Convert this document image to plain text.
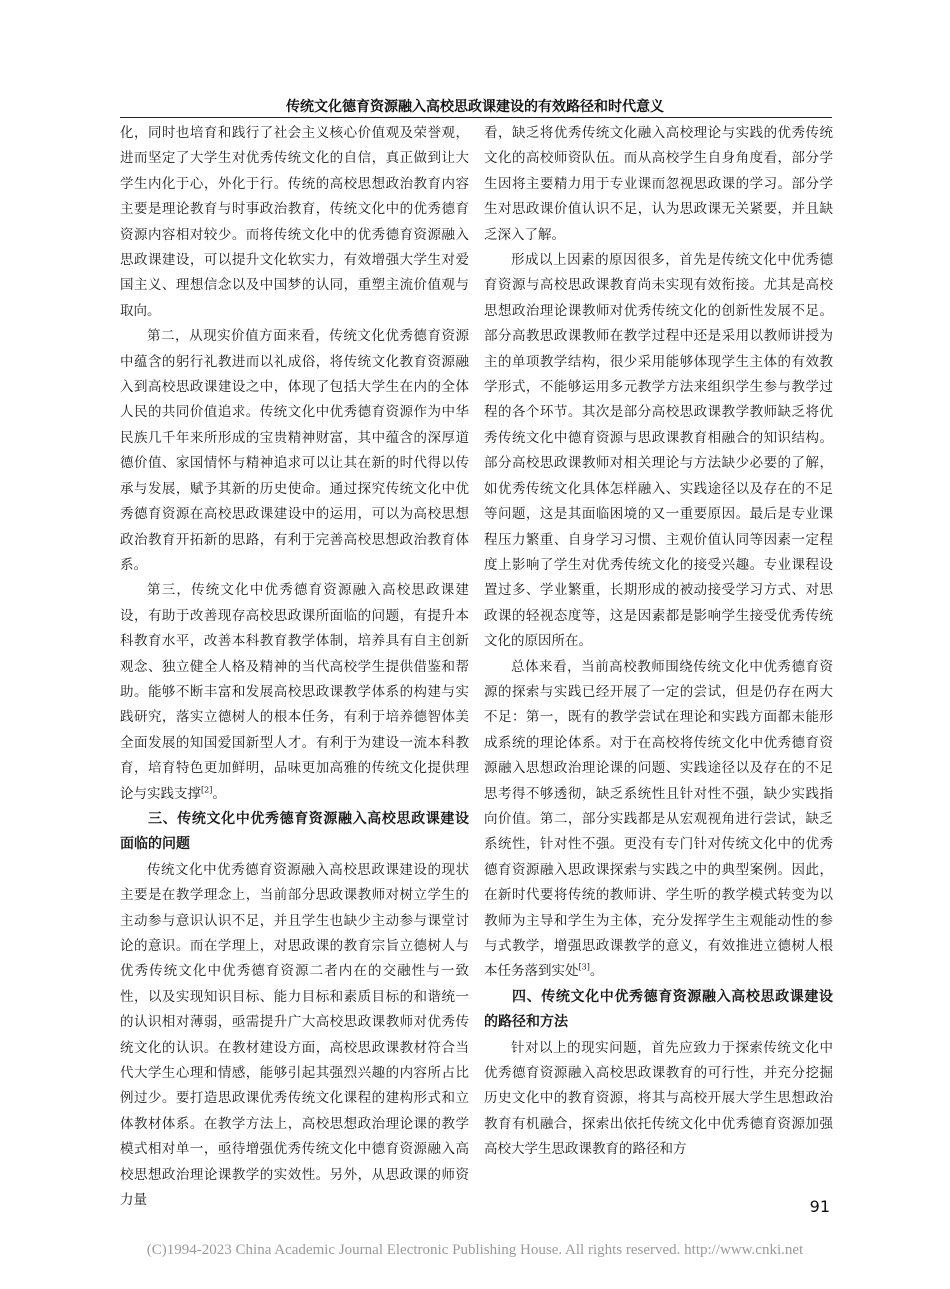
传统文化德育资源融入高校思政课建设的有效路径和时代意义

化，同时也培育和践行了社会主义核心价值观及荣誉观，进而坚定了大学生对优秀传统文化的自信，真正做到让大学生内化于心，外化于行。传统的高校思想政治教育内容主要是理论教育与时事政治教育，传统文化中的优秀德育资源内容相对较少。而将传统文化中的优秀德育资源融入思政课建设，可以提升文化软实力，有效增强大学生对爱国主义、理想信念以及中国梦的认同，重塑主流价值观与取向。

第二，从现实价值方面来看，传统文化优秀德育资源中蕴含的躬行礼教进而以礼成俗，将传统文化教育资源融入到高校思政课建设之中，体现了包括大学生在内的全体人民的共同价值追求。传统文化中优秀德育资源作为中华民族几千年来所形成的宝贵精神财富，其中蕴含的深厚道德价值、家国情怀与精神追求可以让其在新的时代得以传承与发展，赋予其新的历史使命。通过探究传统文化中优秀德育资源在高校思政课建设中的运用，可以为高校思想政治教育开拓新的思路，有利于完善高校思想政治教育体系。

第三，传统文化中优秀德育资源融入高校思政课建设，有助于改善现存高校思政课所面临的问题，有提升本科教育水平，改善本科教育教学体制，培养具有自主创新观念、独立健全人格及精神的当代高校学生提供借鉴和帮助。能够不断丰富和发展高校思政课教学体系的构建与实践研究，落实立德树人的根本任务，有利于培养德智体美全面发展的知国爱国新型人才。有利于为建设一流本科教育，培育特色更加鲜明，品味更加高雅的传统文化提供理论与实践支撑[2]。

三、传统文化中优秀德育资源融入高校思政课建设面临的问题

传统文化中优秀德育资源融入高校思政课建设的现状主要是在教学理念上，当前部分思政课教师对树立学生的主动参与意识认识不足，并且学生也缺少主动参与课堂讨论的意识。而在学理上，对思政课的教育宗旨立德树人与优秀传统文化中优秀德育资源二者内在的交融性与一致性，以及实现知识目标、能力目标和素质目标的和谐统一的认识相对薄弱，亟需提升广大高校思政课教师对优秀传统文化的认识。在教材建设方面，高校思政课教材符合当代大学生心理和情感，能够引起其强烈兴趣的内容所占比例过少。要打造思政课优秀传统文化课程的建构形式和立体教材体系。在教学方法上，高校思想政治理论课的教学模式相对单一，亟待增强优秀传统文化中德育资源融入高校思想政治理论课教学的实效性。另外，从思政课的师资力量

看，缺乏将优秀传统文化融入高校理论与实践的优秀传统文化的高校师资队伍。而从高校学生自身角度看，部分学生因将主要精力用于专业课而忽视思政课的学习。部分学生对思政课价值认识不足，认为思政课无关紧要，并且缺乏深入了解。

形成以上因素的原因很多，首先是传统文化中优秀德育资源与高校思政课教育尚未实现有效衔接。尤其是高校思想政治理论课教师对优秀传统文化的创新性发展不足。部分高教思政课教师在教学过程中还是采用以教师讲授为主的单项教学结构，很少采用能够体现学生主体的有效教学形式，不能够运用多元教学方法来组织学生参与教学过程的各个环节。其次是部分高校思政课教学教师缺乏将优秀传统文化中德育资源与思政课教育相融合的知识结构。部分高校思政课教师对相关理论与方法缺少必要的了解，如优秀传统文化具体怎样融入、实践途径以及存在的不足等问题，这是其面临困境的又一重要原因。最后是专业课程压力繁重、自身学习习惯、主观价值认同等因素一定程度上影响了学生对优秀传统文化的接受兴趣。专业课程设置过多、学业繁重，长期形成的被动接受学习方式、对思政课的轻视态度等，这是因素都是影响学生接受优秀传统文化的原因所在。

总体来看，当前高校教师围绕传统文化中优秀德育资源的探索与实践已经开展了一定的尝试，但是仍存在两大不足：第一，既有的教学尝试在理论和实践方面都未能形成系统的理论体系。对于在高校将传统文化中优秀德育资源融入思想政治理论课的问题、实践途径以及存在的不足思考得不够透彻，缺乏系统性且针对性不强，缺少实践指向价值。第二，部分实践都是从宏观视角进行尝试，缺乏系统性，针对性不强。更没有专门针对传统文化中的优秀德育资源融入思政课探索与实践之中的典型案例。因此，在新时代要将传统的教师讲、学生听的教学模式转变为以教师为主导和学生为主体，充分发挥学生主观能动性的参与式教学，增强思政课教学的意义，有效推进立德树人根本任务落到实处[3]。

四、传统文化中优秀德育资源融入高校思政课建设的路径和方法

针对以上的现实问题，首先应致力于探索传统文化中优秀德育资源融入高校思政课教育的可行性，并充分挖掘历史文化中的教育资源，将其与高校开展大学生思想政治教育有机融合，探索出依托传统文化中优秀德育资源加强高校大学生思政课教育的路径和方

91
(C)1994-2023 China Academic Journal Electronic Publishing House. All rights reserved. http://www.cnki.net
